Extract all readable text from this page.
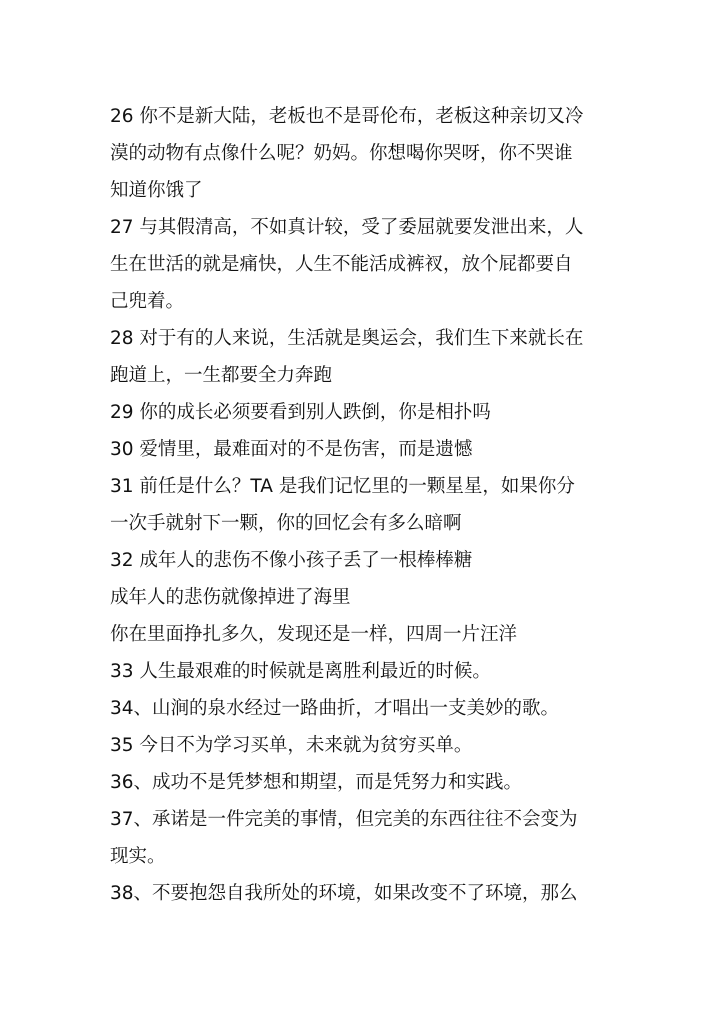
26 你不是新大陆，老板也不是哥伦布，老板这种亲切又冷
漠的动物有点像什么呢？奶妈。你想喝你哭呀，你不哭谁
知道你饿了
27 与其假清高，不如真计较，受了委屈就要发泄出来，人
生在世活的就是痛快，人生不能活成裤衩，放个屁都要自
己兜着。
28 对于有的人来说，生活就是奥运会，我们生下来就长在
跑道上，一生都要全力奔跑
29 你的成长必须要看到别人跌倒，你是相扑吗
30 爱情里，最难面对的不是伤害，而是遗憾
31 前任是什么？TA 是我们记忆里的一颗星星，如果你分
一次手就射下一颗，你的回忆会有多么暗啊
32 成年人的悲伤不像小孩子丢了一根棒棒糖
成年人的悲伤就像掉进了海里
你在里面挣扎多久，发现还是一样，四周一片汪洋
33 人生最艰难的时候就是离胜利最近的时候。
34、山涧的泉水经过一路曲折，才唱出一支美妙的歌。
35 今日不为学习买单，未来就为贫穷买单。
36、成功不是凭梦想和期望，而是凭努力和实践。
37、承诺是一件完美的事情，但完美的东西往往不会变为
现实。
38、不要抱怨自我所处的环境，如果改变不了环境，那么
